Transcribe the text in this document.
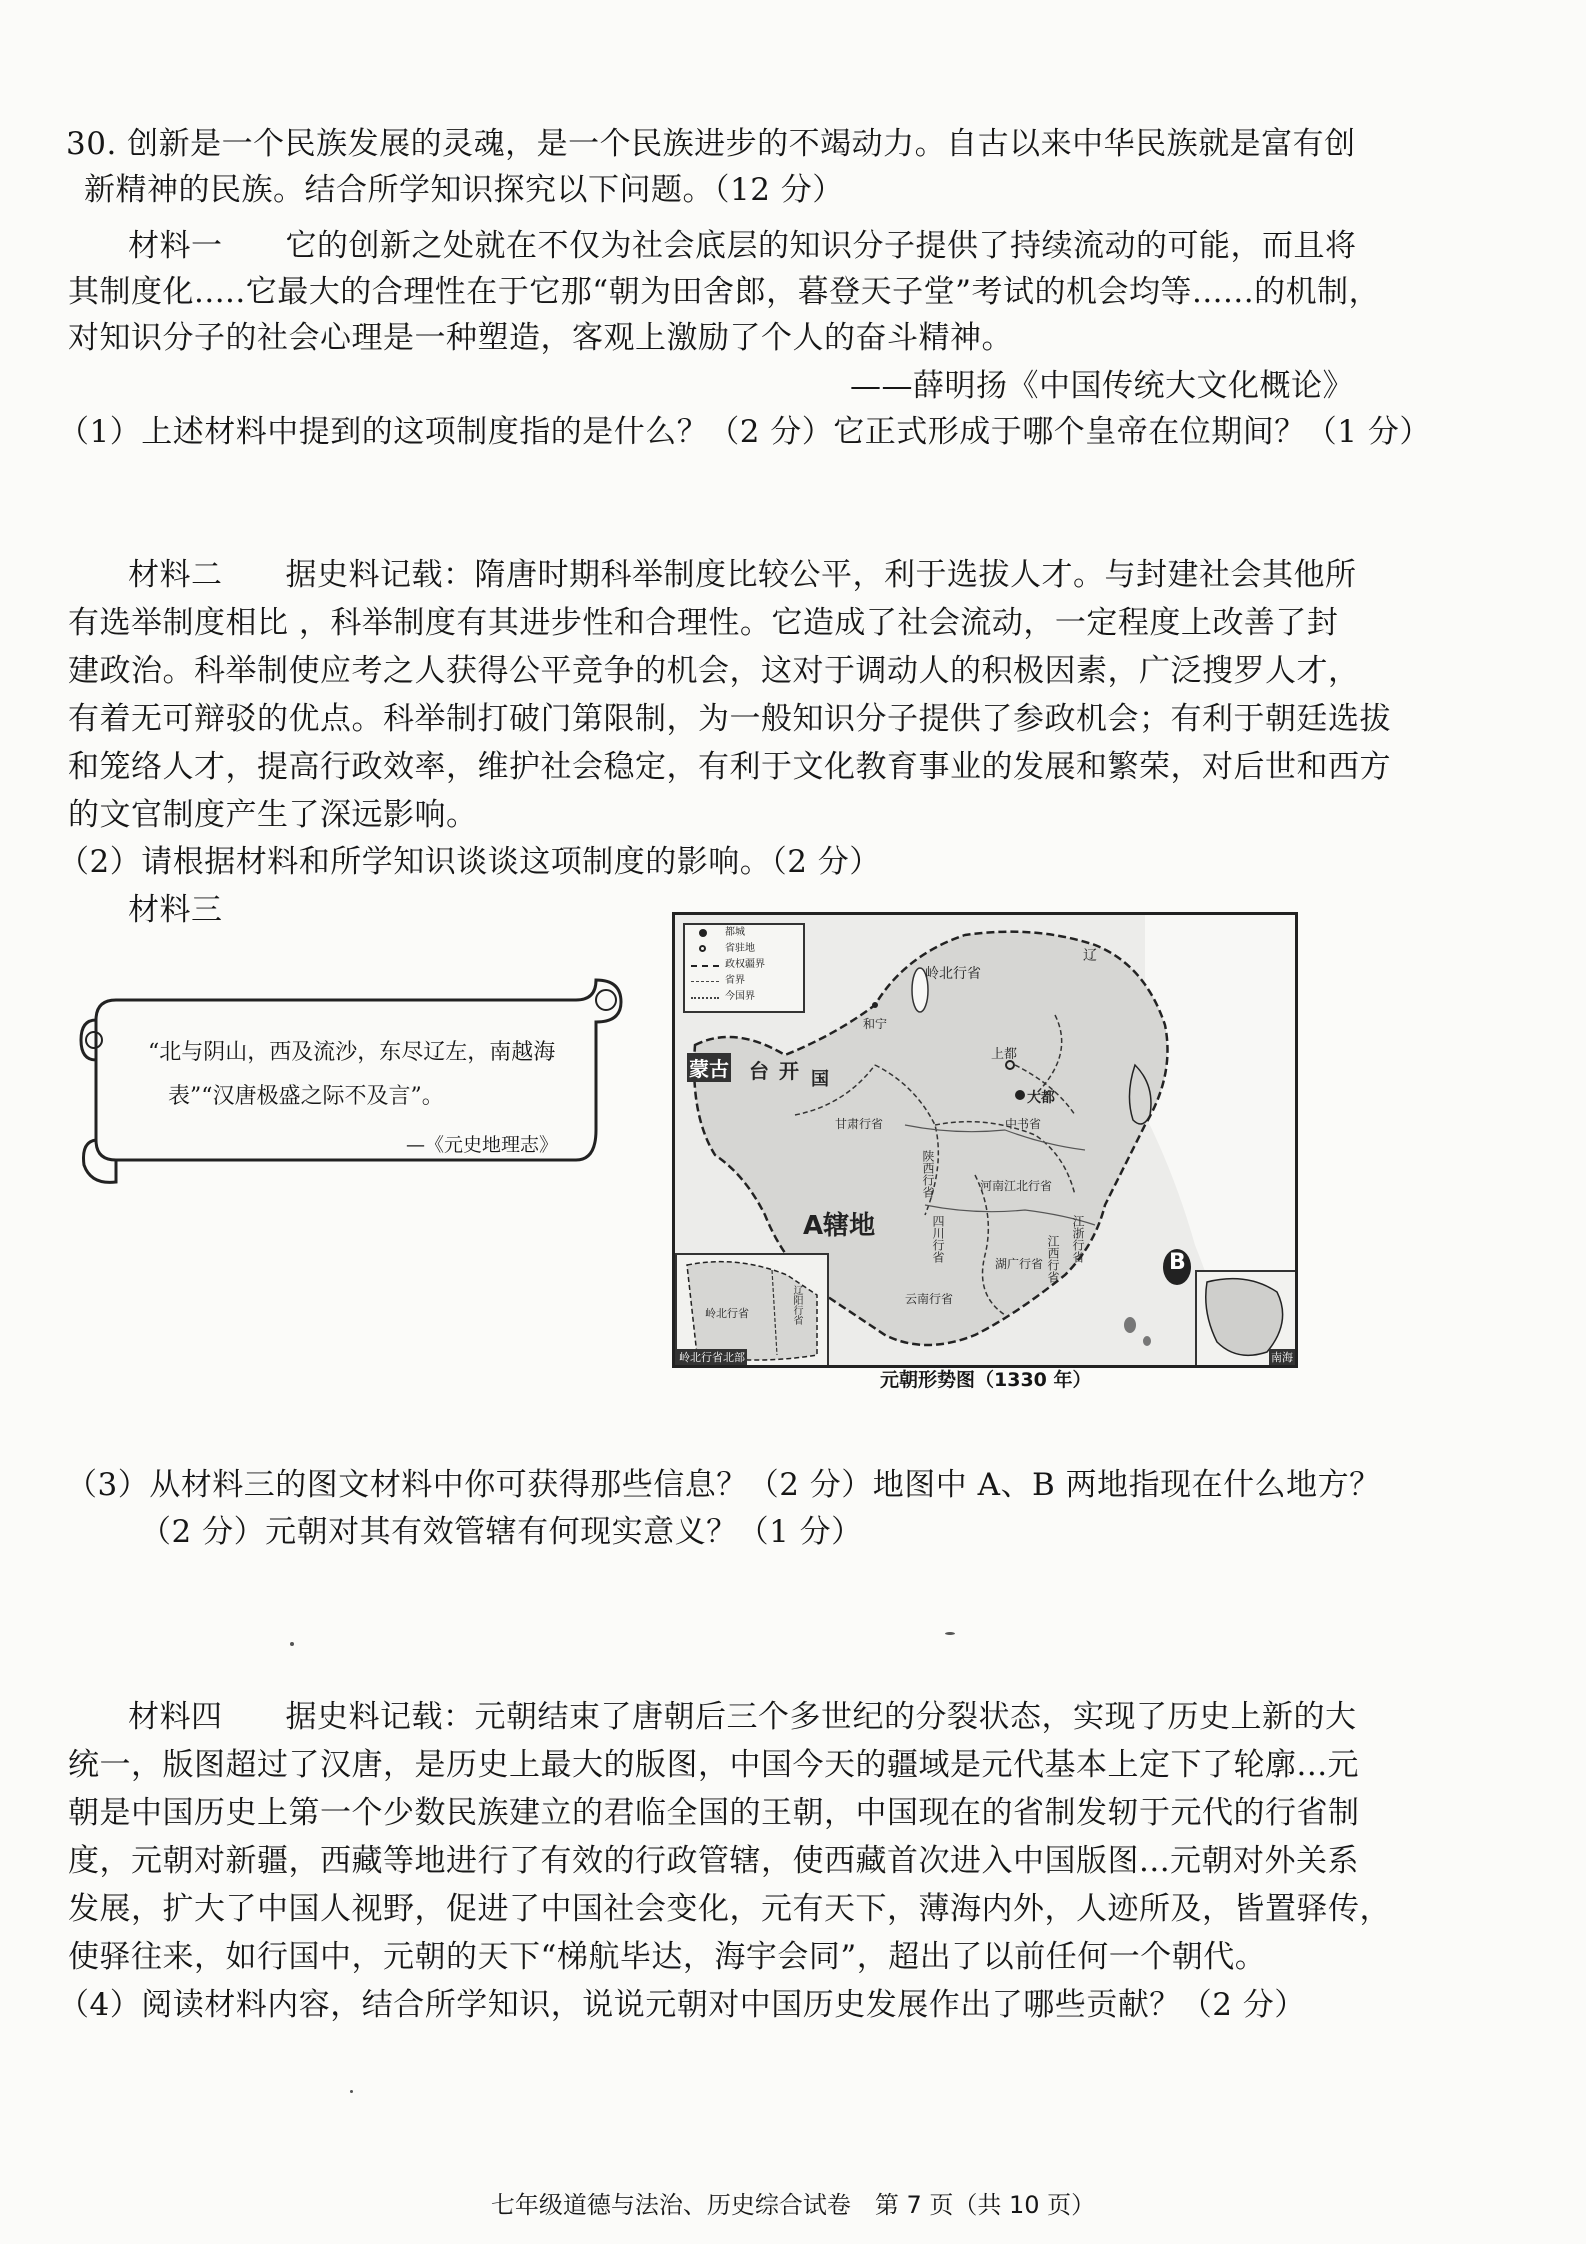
30. 创新是一个民族发展的灵魂，是一个民族进步的不竭动力。自古以来中华民族就是富有创
新精神的民族。结合所学知识探究以下问题。（12 分）
材料一　　它的创新之处就在不仅为社会底层的知识分子提供了持续流动的可能，而且将
其制度化.....它最大的合理性在于它那“朝为田舍郎，暮登天子堂”考试的机会均等......的机制，
对知识分子的社会心理是一种塑造，客观上激励了个人的奋斗精神。
——薛明扬《中国传统大文化概论》
（1）上述材料中提到的这项制度指的是什么？（2 分）它正式形成于哪个皇帝在位期间？（1 分）
材料二　　据史料记载：隋唐时期科举制度比较公平，利于选拔人才。与封建社会其他所
有选举制度相比 ，科举制度有其进步性和合理性。它造成了社会流动，一定程度上改善了封
建政治。科举制使应考之人获得公平竞争的机会，这对于调动人的积极因素，广泛搜罗人才，
有着无可辩驳的优点。科举制打破门第限制，为一般知识分子提供了参政机会；有利于朝廷选拔
和笼络人才，提高行政效率，维护社会稳定，有利于文化教育事业的发展和繁荣，对后世和西方
的文官制度产生了深远影响。
（2）请根据材料和所学知识谈谈这项制度的影响。（2 分）
材料三
“北与阴山，西及流沙，东尽辽左，南越海
表”“汉唐极盛之际不及言”。
—《元史地理志》
都城
省驻地
政权疆界
省界
今国界
岭北行省
辽
和宁
上都
大都
蒙古 台 开 国
甘肃行省	中书省
陕西行省	河南江北行省
四川行省	江浙行省
江西行省
湖广行省
云南行省
A辖地
B
岭北行省	辽阳行省
岭北行省北部	南海
元朝形势图（1330 年）
（3）从材料三的图文材料中你可获得那些信息？（2 分）地图中 A、B 两地指现在什么地方？
（2 分）元朝对其有效管辖有何现实意义？（1 分）
材料四　　据史料记载：元朝结束了唐朝后三个多世纪的分裂状态，实现了历史上新的大
统一，版图超过了汉唐，是历史上最大的版图，中国今天的疆域是元代基本上定下了轮廓...元
朝是中国历史上第一个少数民族建立的君临全国的王朝，中国现在的省制发轫于元代的行省制
度，元朝对新疆，西藏等地进行了有效的行政管辖，使西藏首次进入中国版图...元朝对外关系
发展，扩大了中国人视野，促进了中国社会变化，元有天下，薄海内外，人迹所及，皆置驿传，
使驿往来，如行国中，元朝的天下“梯航毕达，海宇会同”，超出了以前任何一个朝代。
（4）阅读材料内容，结合所学知识，说说元朝对中国历史发展作出了哪些贡献？（2 分）
七年级道德与法治、历史综合试卷　第 7 页（共 10 页）
